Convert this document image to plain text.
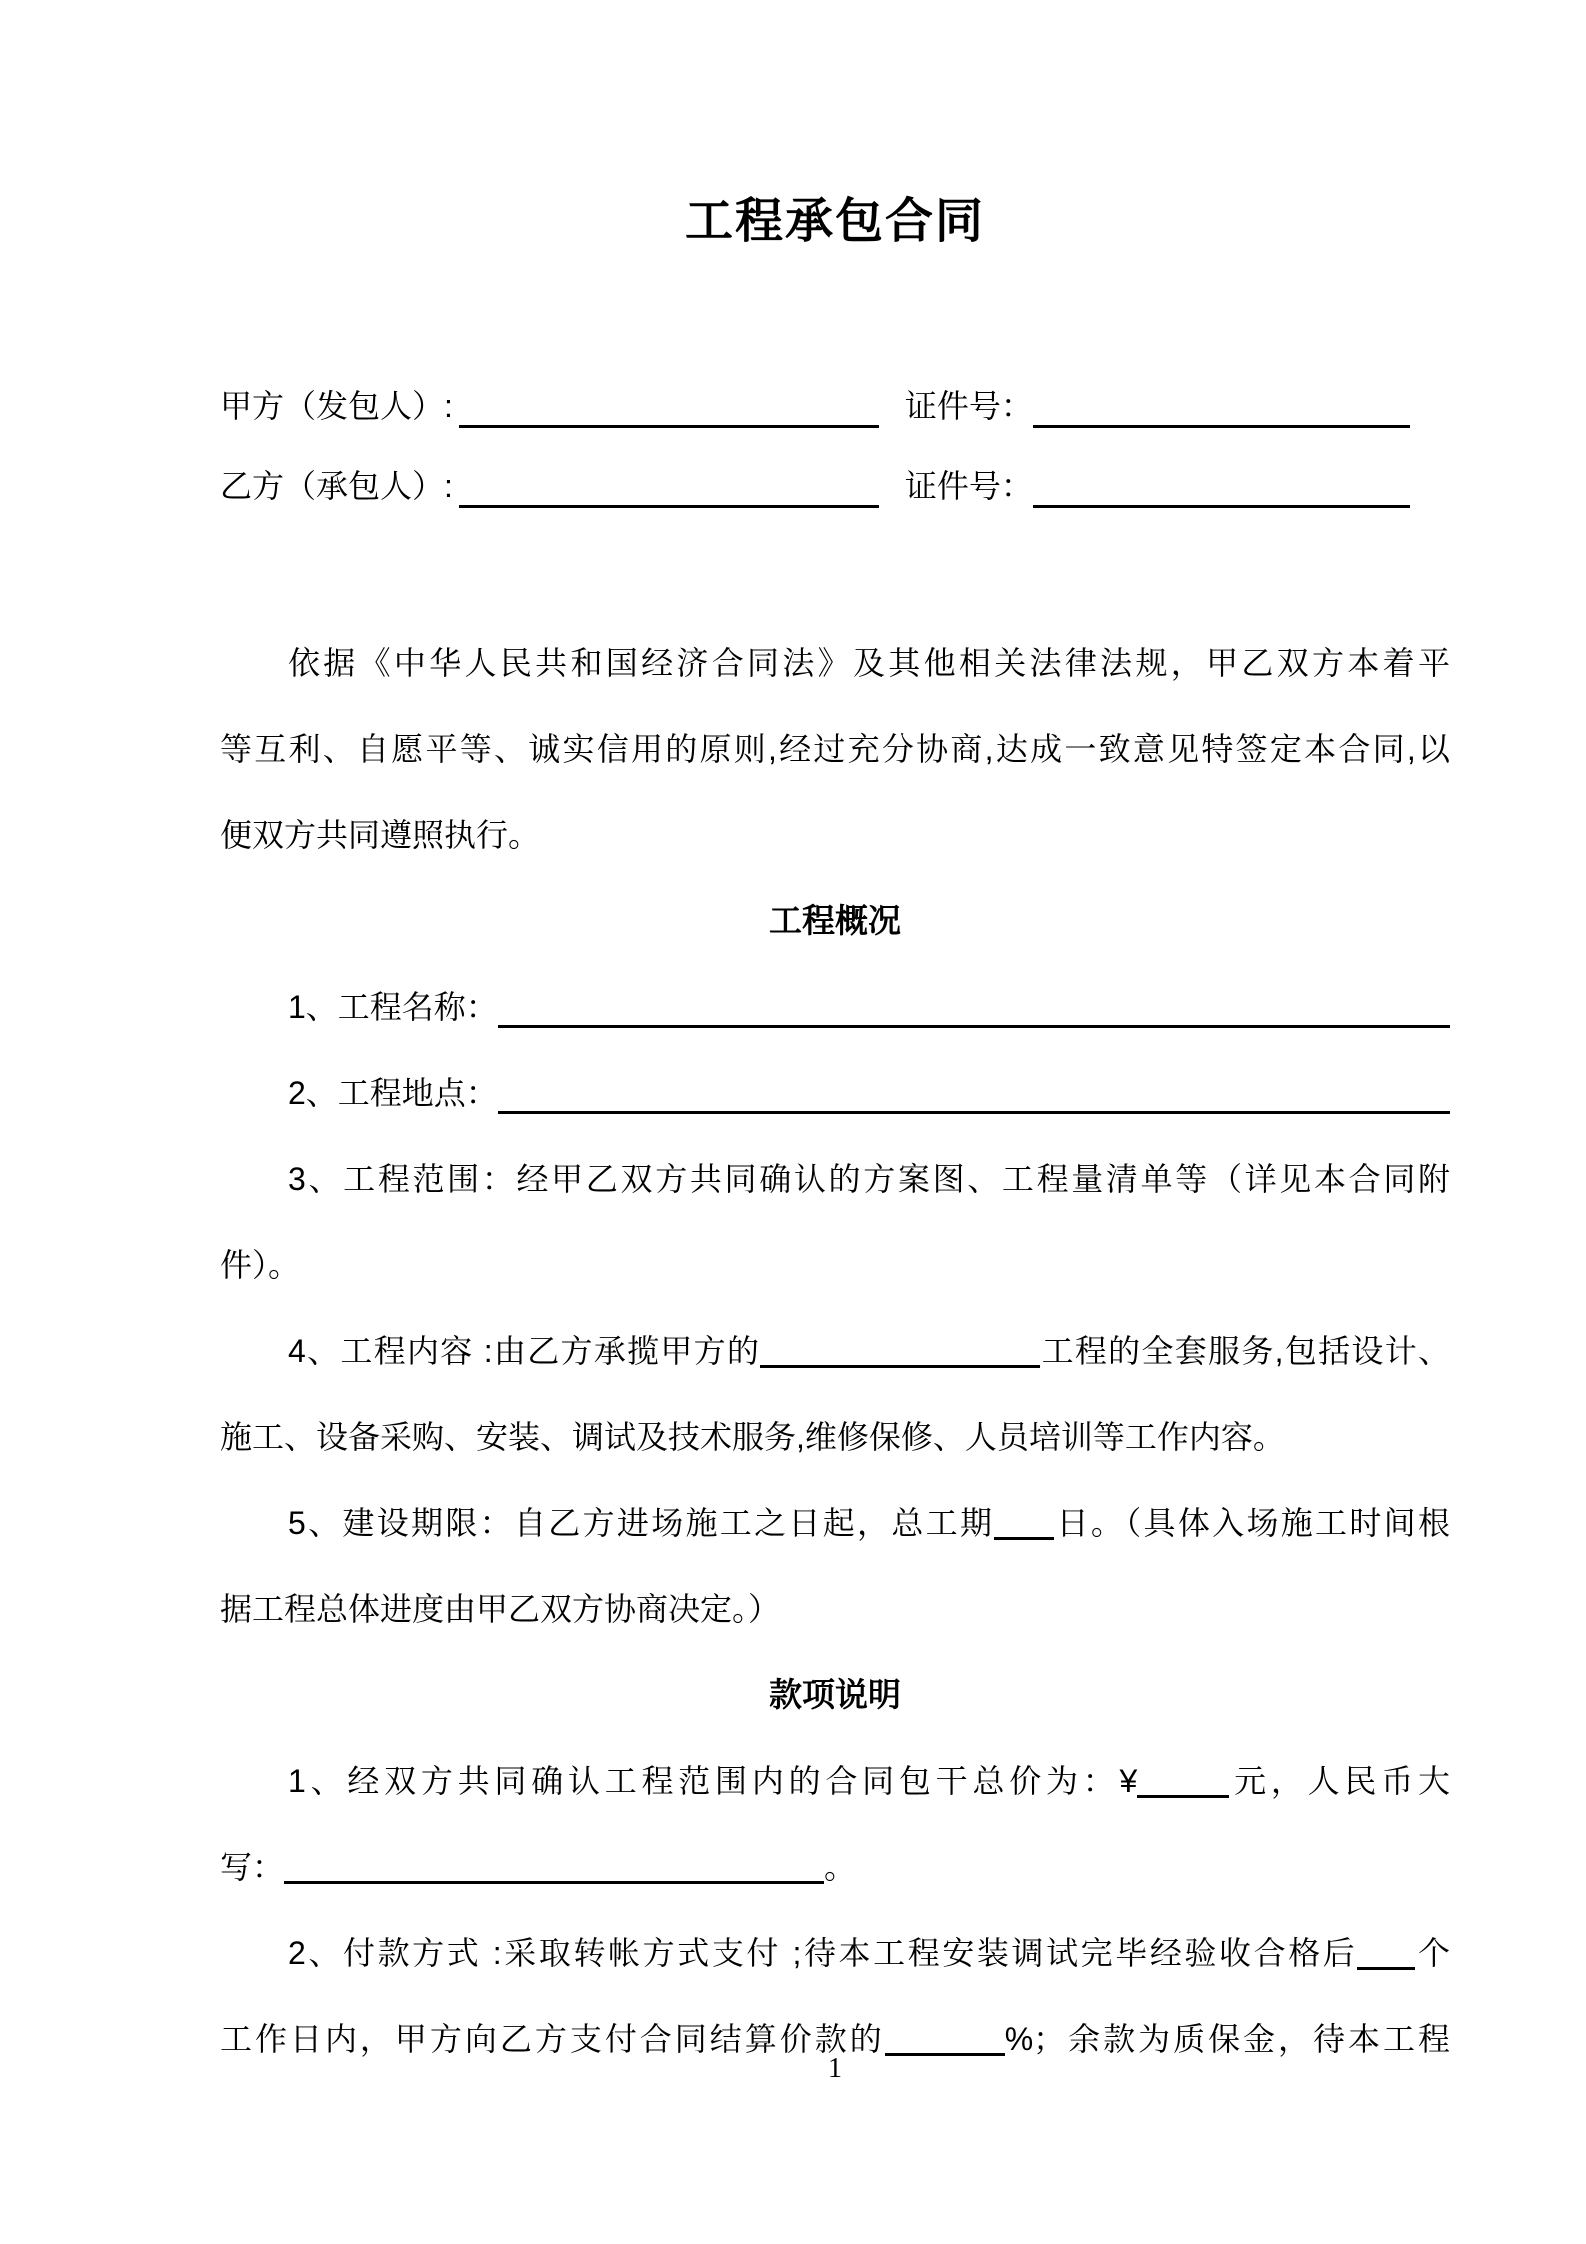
工程承包合同
甲方（发包人）:	证件号：
乙方（承包人）:	证件号：
依据《中华人民共和国经济合同法》及其他相关法律法规，甲乙双方本着平
等互利、自愿平等、诚实信用的原则,经过充分协商,达成一致意见特签定本合同,以
便双方共同遵照执行。
工程概况
1、工程名称：
2、工程地点：
3、工程范围：经甲乙双方共同确认的方案图、工程量清单等（详见本合同附
件）。
4、工程内容 :由乙方承揽甲方的	工程的全套服务,包括设计、
施工、设备采购、安装、调试及技术服务,维修保修、人员培训等工作内容。
5、建设期限：自乙方进场施工之日起，总工期 日。（具体入场施工时间根
据工程总体进度由甲乙双方协商决定。）
款项说明
1、经双方共同确认工程范围内的合同包干总价为：¥	元，人民币大
写：	。
2、付款方式 :采取转帐方式支付 ;待本工程安装调试完毕经验收合格后 个
工作日内，甲方向乙方支付合同结算价款的	%；余款为质保金，待本工程
1
